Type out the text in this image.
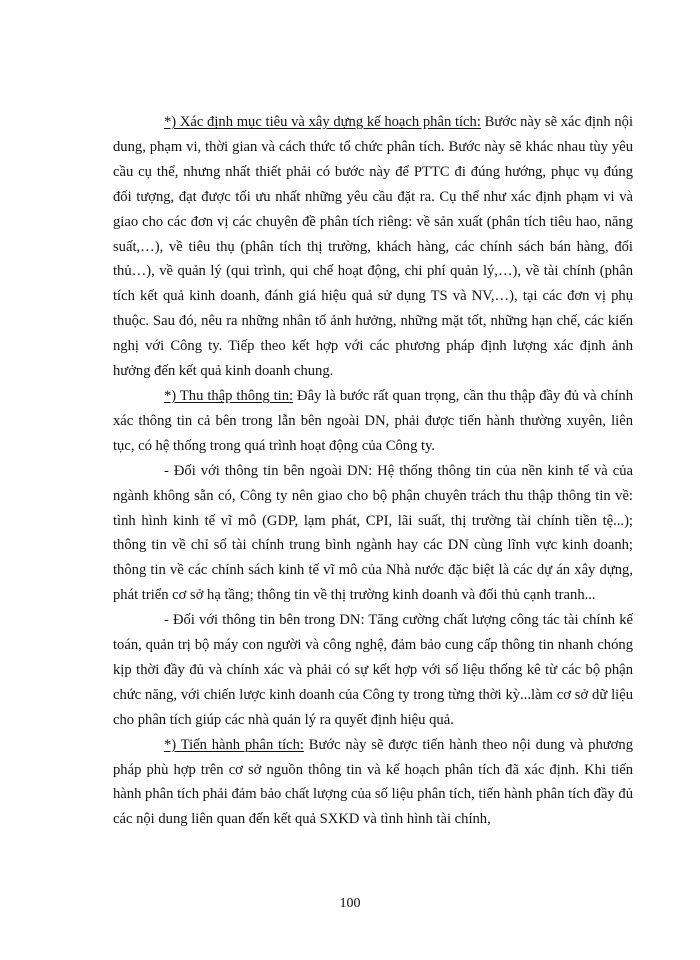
*) Xác định mục tiêu và xây dựng kế hoạch phân tích: Bước này sẽ xác định nội dung, phạm vi, thời gian và cách thức tổ chức phân tích. Bước này sẽ khác nhau tùy yêu cầu cụ thể, nhưng nhất thiết phải có bước này để PTTC đi đúng hướng, phục vụ đúng đối tượng, đạt được tối ưu nhất những yêu cầu đặt ra. Cụ thể như xác định phạm vi và giao cho các đơn vị các chuyên đề phân tích riêng: về sản xuất (phân tích tiêu hao, năng suất,…), về tiêu thụ (phân tích thị trường, khách hàng, các chính sách bán hàng, đối thủ…), về quản lý (qui trình, qui chế hoạt động, chi phí quản lý,…), về tài chính (phân tích kết quả kinh doanh, đánh giá hiệu quả sử dụng TS và NV,…), tại các đơn vị phụ thuộc. Sau đó, nêu ra những nhân tố ảnh hưởng, những mặt tốt, những hạn chế, các kiến nghị với Công ty. Tiếp theo kết hợp với các phương pháp định lượng xác định ảnh hưởng đến kết quả kinh doanh chung.

*) Thu thập thông tin: Đây là bước rất quan trọng, cần thu thập đầy đủ và chính xác thông tin cả bên trong lẫn bên ngoài DN, phải được tiến hành thường xuyên, liên tục, có hệ thống trong quá trình hoạt động của Công ty.

- Đối với thông tin bên ngoài DN: Hệ thống thông tin của nền kinh tế và của ngành không sẵn có, Công ty nên giao cho bộ phận chuyên trách thu thập thông tin về: tình hình kinh tế vĩ mô (GDP, lạm phát, CPI, lãi suất, thị trường tài chính tiền tệ...); thông tin về chỉ số tài chính trung bình ngành hay các DN cùng lĩnh vực kinh doanh; thông tin về các chính sách kinh tế vĩ mô của Nhà nước đặc biệt là các dự án xây dựng, phát triển cơ sở hạ tầng; thông tin về thị trường kinh doanh và đối thủ cạnh tranh...

- Đối với thông tin bên trong DN: Tăng cường chất lượng công tác tài chính kế toán, quản trị bộ máy con người và công nghệ, đảm bảo cung cấp thông tin nhanh chóng kịp thời đầy đủ và chính xác và phải có sự kết hợp với số liệu thống kê từ các bộ phận chức năng, với chiến lược kinh doanh của Công ty trong từng thời kỳ...làm cơ sở dữ liệu cho phân tích giúp các nhà quản lý ra quyết định hiệu quả.

*) Tiến hành phân tích: Bước này sẽ được tiến hành theo nội dung và phương pháp phù hợp trên cơ sở nguồn thông tin và kế hoạch phân tích đã xác định. Khi tiến hành phân tích phải đảm bảo chất lượng của số liệu phân tích, tiến hành phân tích đầy đủ các nội dung liên quan đến kết quả SXKD và tình hình tài chính,

100
